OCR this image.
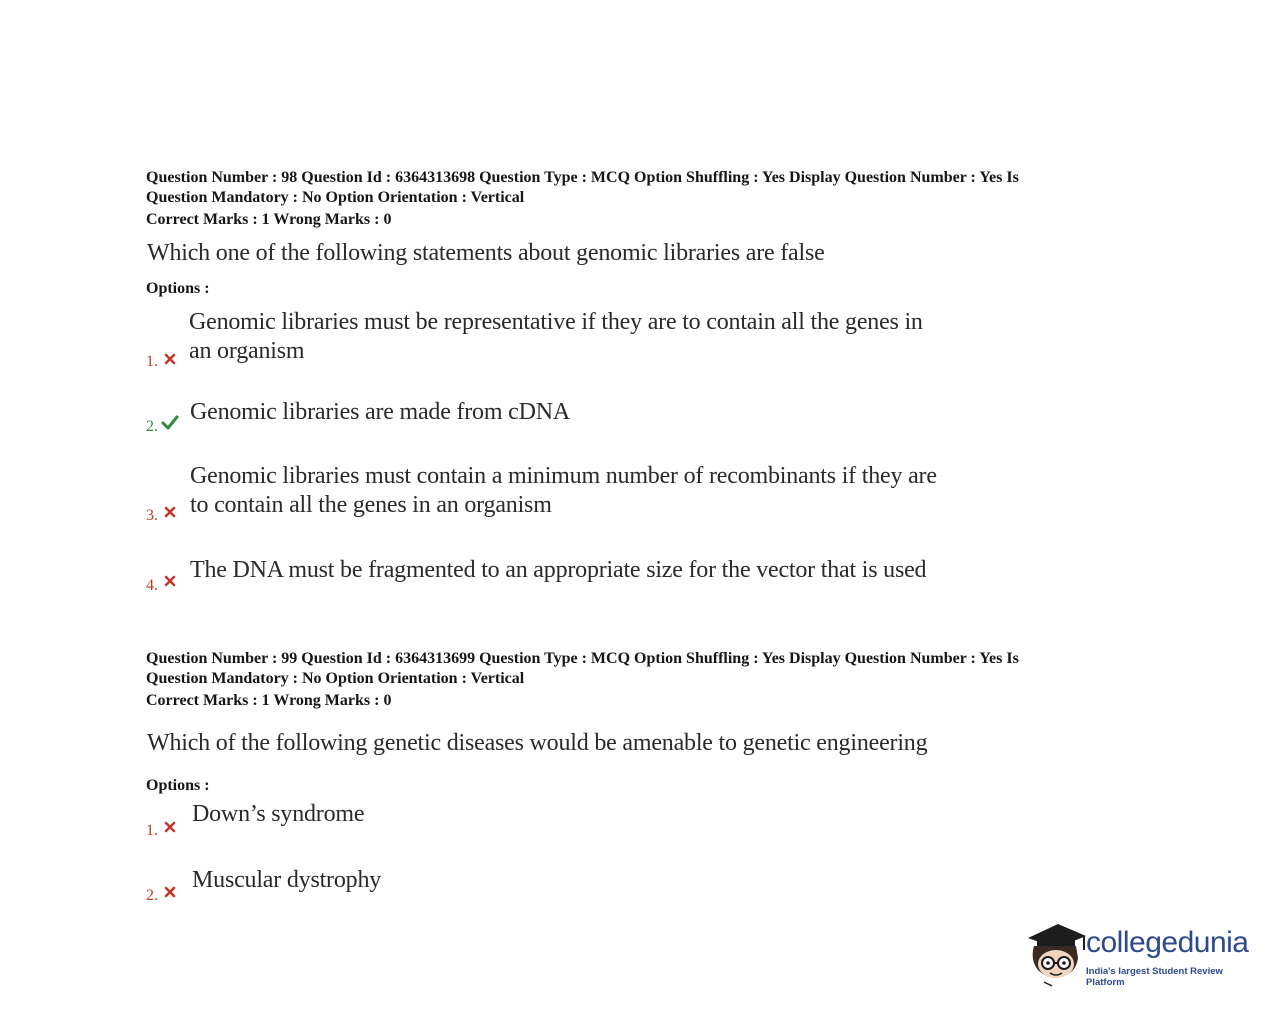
Question Number : 98 Question Id : 6364313698 Question Type : MCQ Option Shuffling : Yes Display Question Number : Yes Is
Question Mandatory : No Option Orientation : Vertical
Correct Marks : 1 Wrong Marks : 0
Which one of the following statements about genomic libraries are false
Options :
Genomic libraries must be representative if they are to contain all the genes in
an organism
1.
Genomic libraries are made from cDNA
2.
Genomic libraries must contain a minimum number of recombinants if they are
to contain all the genes in an organism
3.
The DNA must be fragmented to an appropriate size for the vector that is used
4.
Question Number : 99 Question Id : 6364313699 Question Type : MCQ Option Shuffling : Yes Display Question Number : Yes Is
Question Mandatory : No Option Orientation : Vertical
Correct Marks : 1 Wrong Marks : 0
Which of the following genetic diseases would be amenable to genetic engineering
Options :
Down’s syndrome
1.
Muscular dystrophy
2.
collegedunia
India's largest Student Review Platform
